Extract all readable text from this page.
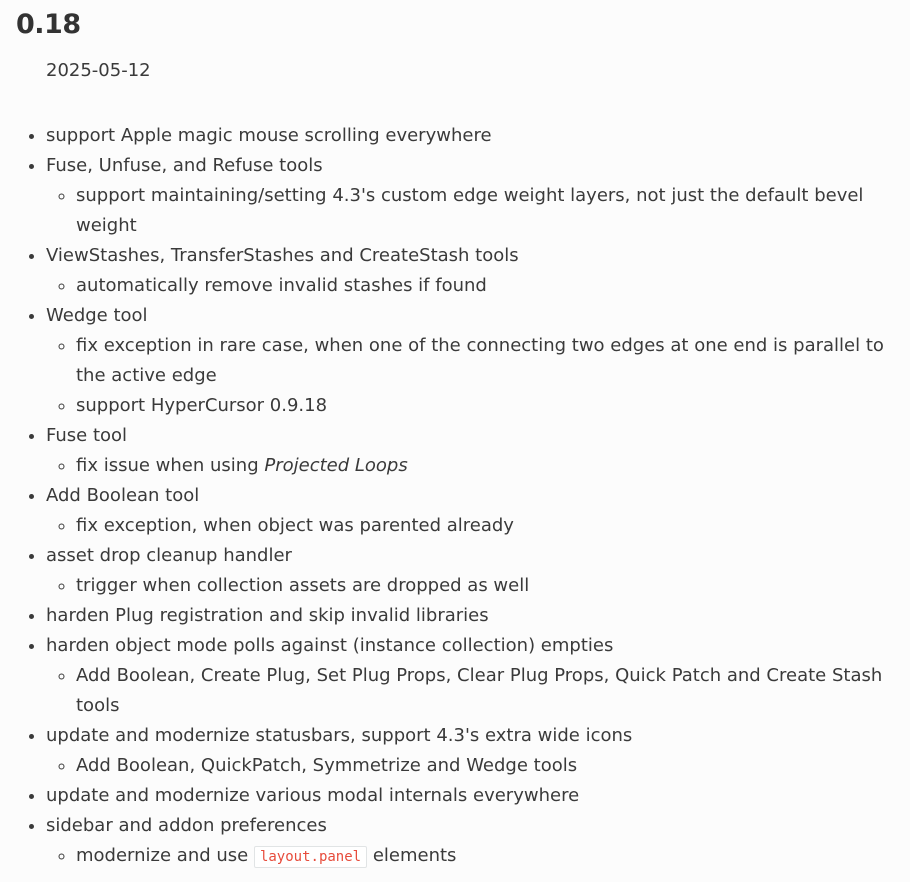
0.18
2025-05-12
• support Apple magic mouse scrolling everywhere
• Fuse, Unfuse, and Refuse tools
◦ support maintaining/setting 4.3's custom edge weight layers, not just the default bevel weight
• ViewStashes, TransferStashes and CreateStash tools
◦ automatically remove invalid stashes if found
• Wedge tool
◦ fix exception in rare case, when one of the connecting two edges at one end is parallel to the active edge
◦ support HyperCursor 0.9.18
• Fuse tool
◦ fix issue when using Projected Loops
• Add Boolean tool
◦ fix exception, when object was parented already
• asset drop cleanup handler
◦ trigger when collection assets are dropped as well
• harden Plug registration and skip invalid libraries
• harden object mode polls against (instance collection) empties
◦ Add Boolean, Create Plug, Set Plug Props, Clear Plug Props, Quick Patch and Create Stash tools
• update and modernize statusbars, support 4.3's extra wide icons
◦ Add Boolean, QuickPatch, Symmetrize and Wedge tools
• update and modernize various modal internals everywhere
• sidebar and addon preferences
◦ modernize and use layout.panel elements
